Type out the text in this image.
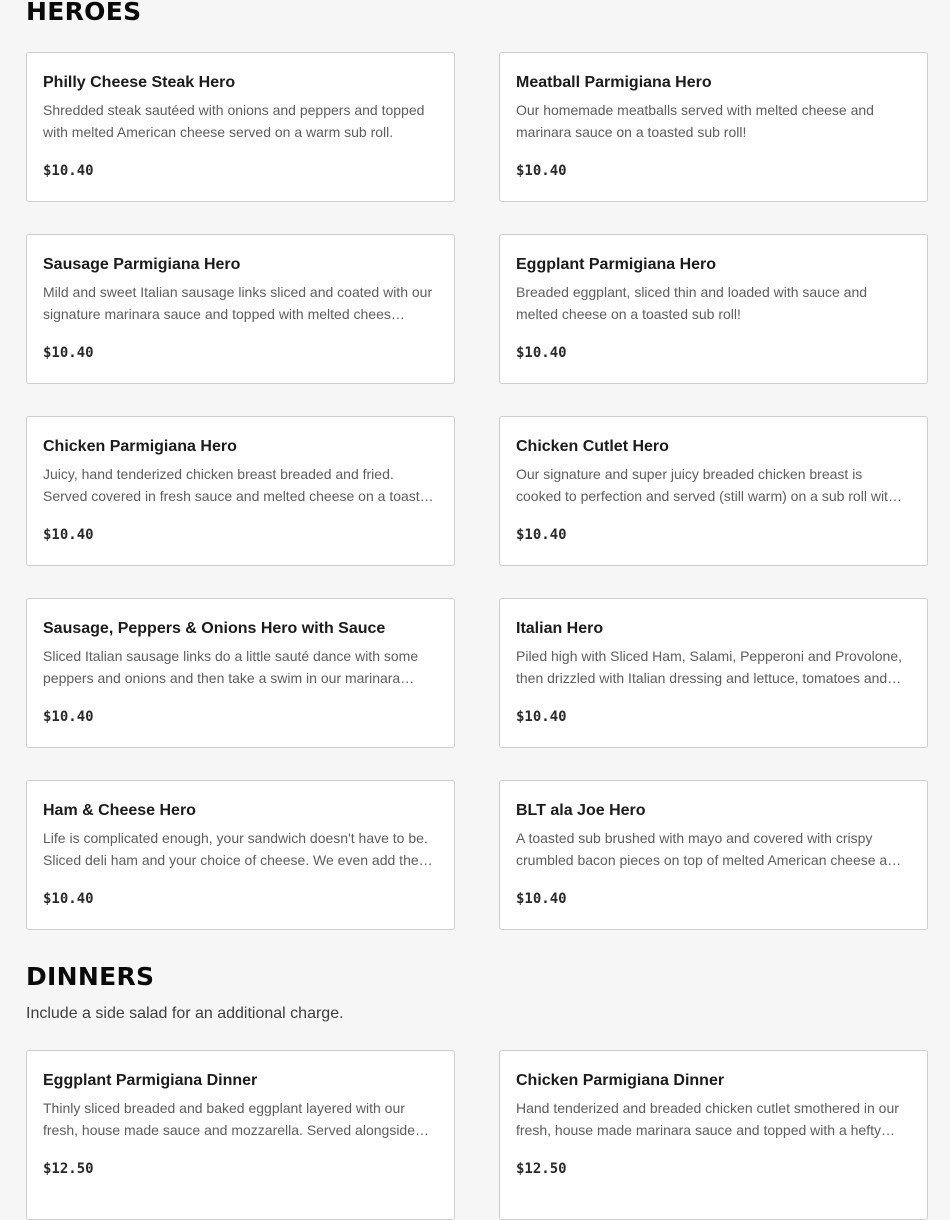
HEROES
Philly Cheese Steak Hero
Shredded steak sautéed with onions and peppers and topped with melted American cheese served on a warm sub roll.
$10.40
Meatball Parmigiana Hero
Our homemade meatballs served with melted cheese and marinara sauce on a toasted sub roll!
$10.40
Sausage Parmigiana Hero
Mild and sweet Italian sausage links sliced and coated with our signature marinara sauce and topped with melted chees…
$10.40
Eggplant Parmigiana Hero
Breaded eggplant, sliced thin and loaded with sauce and melted cheese on a toasted sub roll!
$10.40
Chicken Parmigiana Hero
Juicy, hand tenderized chicken breast breaded and fried. Served covered in fresh sauce and melted cheese on a toast…
$10.40
Chicken Cutlet Hero
Our signature and super juicy breaded chicken breast is cooked to perfection and served (still warm) on a sub roll wit…
$10.40
Sausage, Peppers & Onions Hero with Sauce
Sliced Italian sausage links do a little sauté dance with some peppers and onions and then take a swim in our marinara…
$10.40
Italian Hero
Piled high with Sliced Ham, Salami, Pepperoni and Provolone, then drizzled with Italian dressing and lettuce, tomatoes and…
$10.40
Ham & Cheese Hero
Life is complicated enough, your sandwich doesn't have to be. Sliced deli ham and your choice of cheese. We even add the…
$10.40
BLT ala Joe Hero
A toasted sub brushed with mayo and covered with crispy crumbled bacon pieces on top of melted American cheese a…
$10.40
DINNERS

Include a side salad for an additional charge.

Eggplant Parmigiana Dinner
Thinly sliced breaded and baked eggplant layered with our fresh, house made sauce and mozzarella. Served alongside…
$12.50
Chicken Parmigiana Dinner
Hand tenderized and breaded chicken cutlet smothered in our fresh, house made marinara sauce and topped with a hefty…
$12.50
